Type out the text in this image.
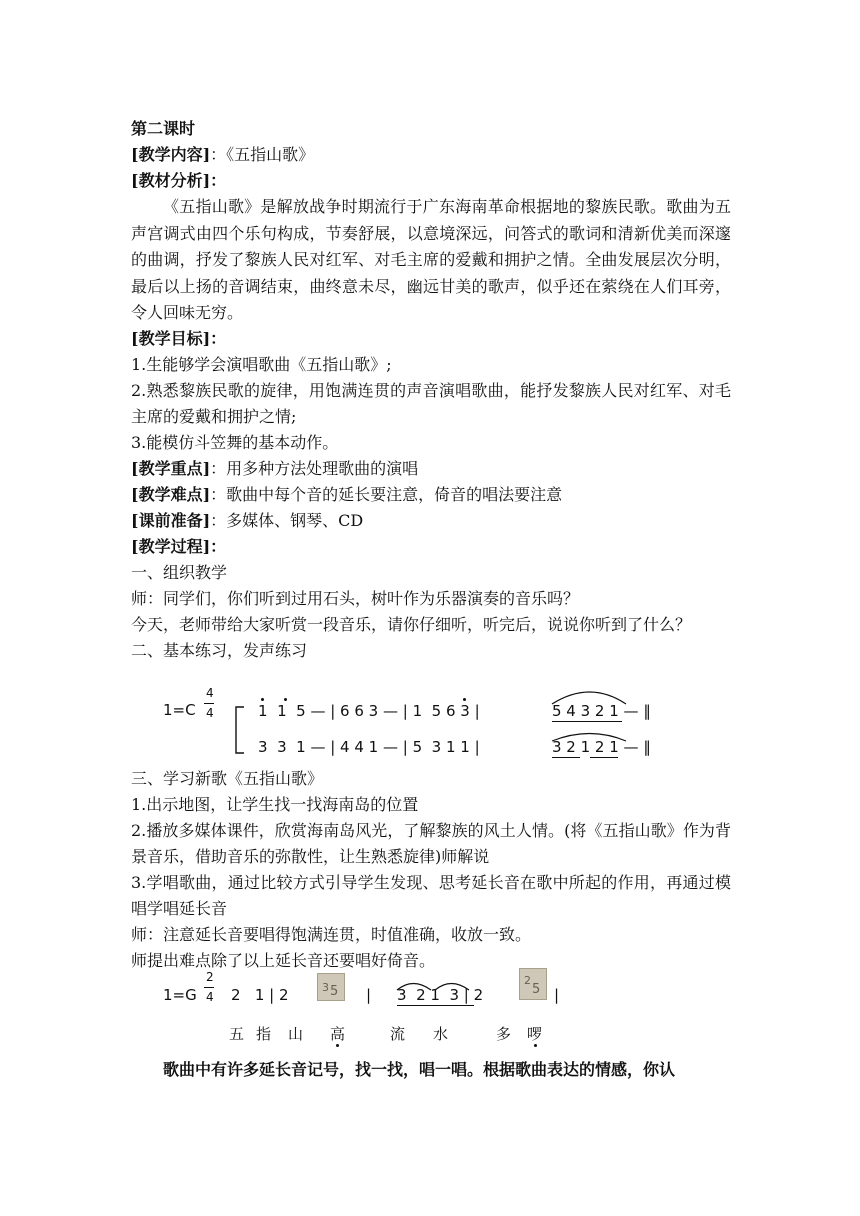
第二课时
[教学内容]：《五指山歌》
[教材分析]：
《五指山歌》是解放战争时期流行于广东海南革命根据地的黎族民歌。歌曲为五声宫调式由四个乐句构成，节奏舒展，以意境深远，问答式的歌词和清新优美而深邃的曲调，抒发了黎族人民对红军、对毛主席的爱戴和拥护之情。全曲发展层次分明，最后以上扬的音调结束，曲终意未尽，幽远甘美的歌声，似乎还在萦绕在人们耳旁，令人回味无穷。
[教学目标]：
1.生能够学会演唱歌曲《五指山歌》;
2.熟悉黎族民歌的旋律，用饱满连贯的声音演唱歌曲，能抒发黎族人民对红军、对毛主席的爱戴和拥护之情;
3.能模仿斗笠舞的基本动作。
[教学重点]：用多种方法处理歌曲的演唱
[教学难点]：歌曲中每个音的延长要注意，倚音的唱法要注意
[课前准备]：多媒体、钢琴、CD
[教学过程]：
一、组织教学
师：同学们，你们听到过用石头，树叶作为乐器演奏的音乐吗？
今天，老师带给大家听赏一段音乐，请你仔细听，听完后，说说你听到了什么？
二、基本练习，发声练习
1=C
4
4	1  1  5 — | 6 6 3 — | 1  5 6 3 |	5 4 3 2 1 — ‖
3  3  1 — | 4 4 1 — | 5  3 1 1 |	3 2 1 2 1 — ‖
三、学习新歌《五指山歌》
1.出示地图，让学生找一找海南岛的位置
2.播放多媒体课件，欣赏海南岛风光，了解黎族的风土人情。(将《五指山歌》作为背景音乐，借助音乐的弥散性，让生熟悉旋律)师解说
3.学唱歌曲，通过比较方式引导学生发现、思考延长音在歌中所起的作用，再通过模唱学唱延长音
师：注意延长音要唱得饱满连贯，时值准确，收放一致。
师提出难点除了以上延长音还要唱好倚音。
1=G
2
4 2   1 | 2	3 5 | 3  2 1  3 | 2
2
5 |
五 指 山 高	流 水	多 啰
歌曲中有许多延长音记号，找一找，唱一唱。根据歌曲表达的情感，你认
